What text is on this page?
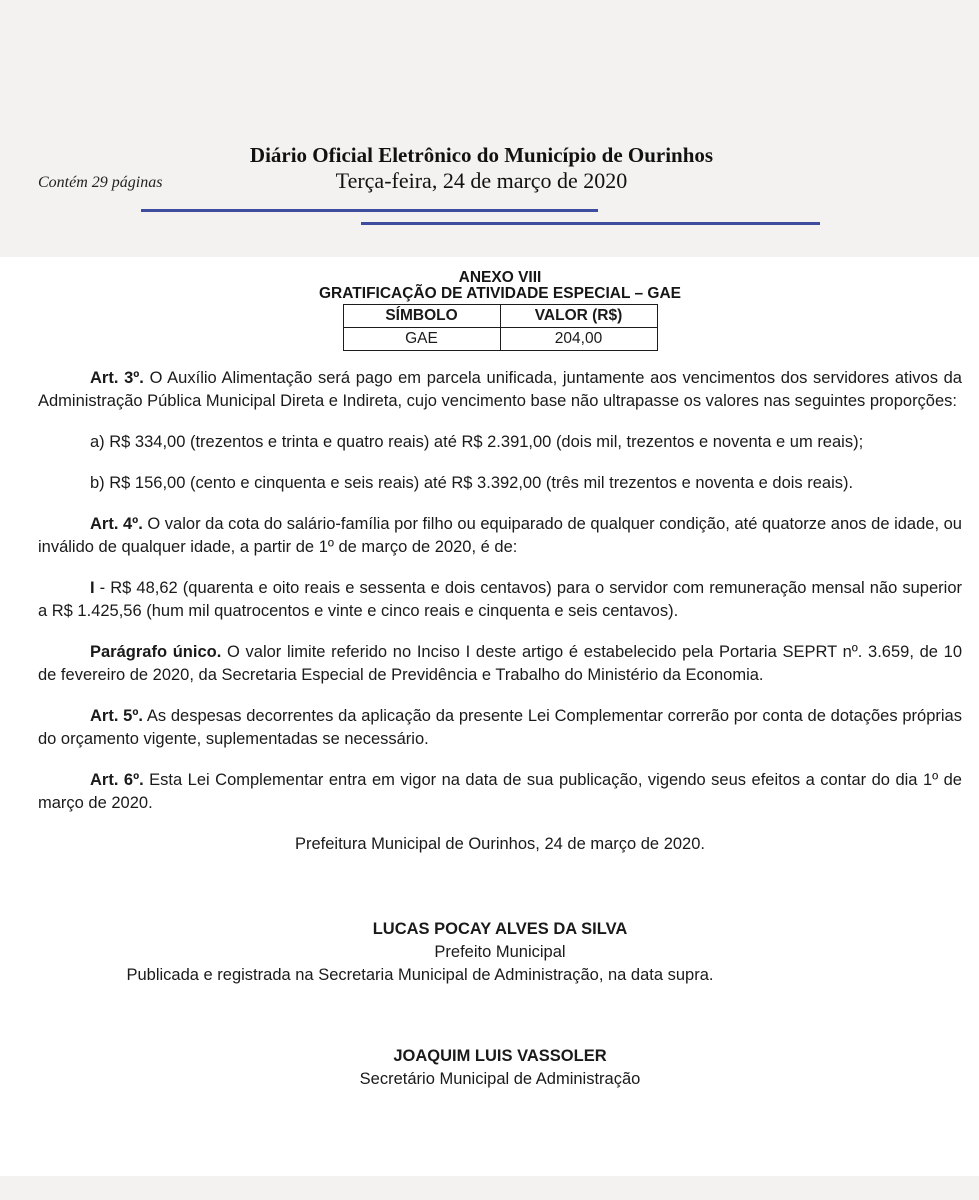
Contém 29 páginas
Diário Oficial Eletrônico do Município de Ourinhos
Terça-feira, 24 de março de 2020
ANEXO VIII
GRATIFICAÇÃO DE ATIVIDADE ESPECIAL – GAE
SÍMBOLO	VALOR (R$)
GAE	204,00

Art. 3º. O Auxílio Alimentação será pago em parcela unificada, juntamente aos vencimentos dos servidores ativos da Administração Pública Municipal Direta e Indireta, cujo vencimento base não ultrapasse os valores nas seguintes proporções:

a) R$ 334,00 (trezentos e trinta e quatro reais) até R$ 2.391,00 (dois mil, trezentos e noventa e um reais);

b) R$ 156,00 (cento e cinquenta e seis reais) até R$ 3.392,00 (três mil trezentos e noventa e dois reais).

Art. 4º. O valor da cota do salário-família por filho ou equiparado de qualquer condição, até quatorze anos de idade, ou inválido de qualquer idade, a partir de 1º de março de 2020, é de:

I - R$ 48,62 (quarenta e oito reais e sessenta e dois centavos) para o servidor com remuneração mensal não superior a R$ 1.425,56 (hum mil quatrocentos e vinte e cinco reais e cinquenta e seis centavos).

Parágrafo único. O valor limite referido no Inciso I deste artigo é estabelecido pela Portaria SEPRT nº. 3.659, de 10 de fevereiro de 2020, da Secretaria Especial de Previdência e Trabalho do Ministério da Economia.

Art. 5º. As despesas decorrentes da aplicação da presente Lei Complementar correrão por conta de dotações próprias do orçamento vigente, suplementadas se necessário.

Art. 6º. Esta Lei Complementar entra em vigor na data de sua publicação, vigendo seus efeitos a contar do dia 1º de março de 2020.

Prefeitura Municipal de Ourinhos, 24 de março de 2020.
LUCAS POCAY ALVES DA SILVA
Prefeito Municipal
Publicada e registrada na Secretaria Municipal de Administração, na data supra.
JOAQUIM LUIS VASSOLER
Secretário Municipal de Administração
